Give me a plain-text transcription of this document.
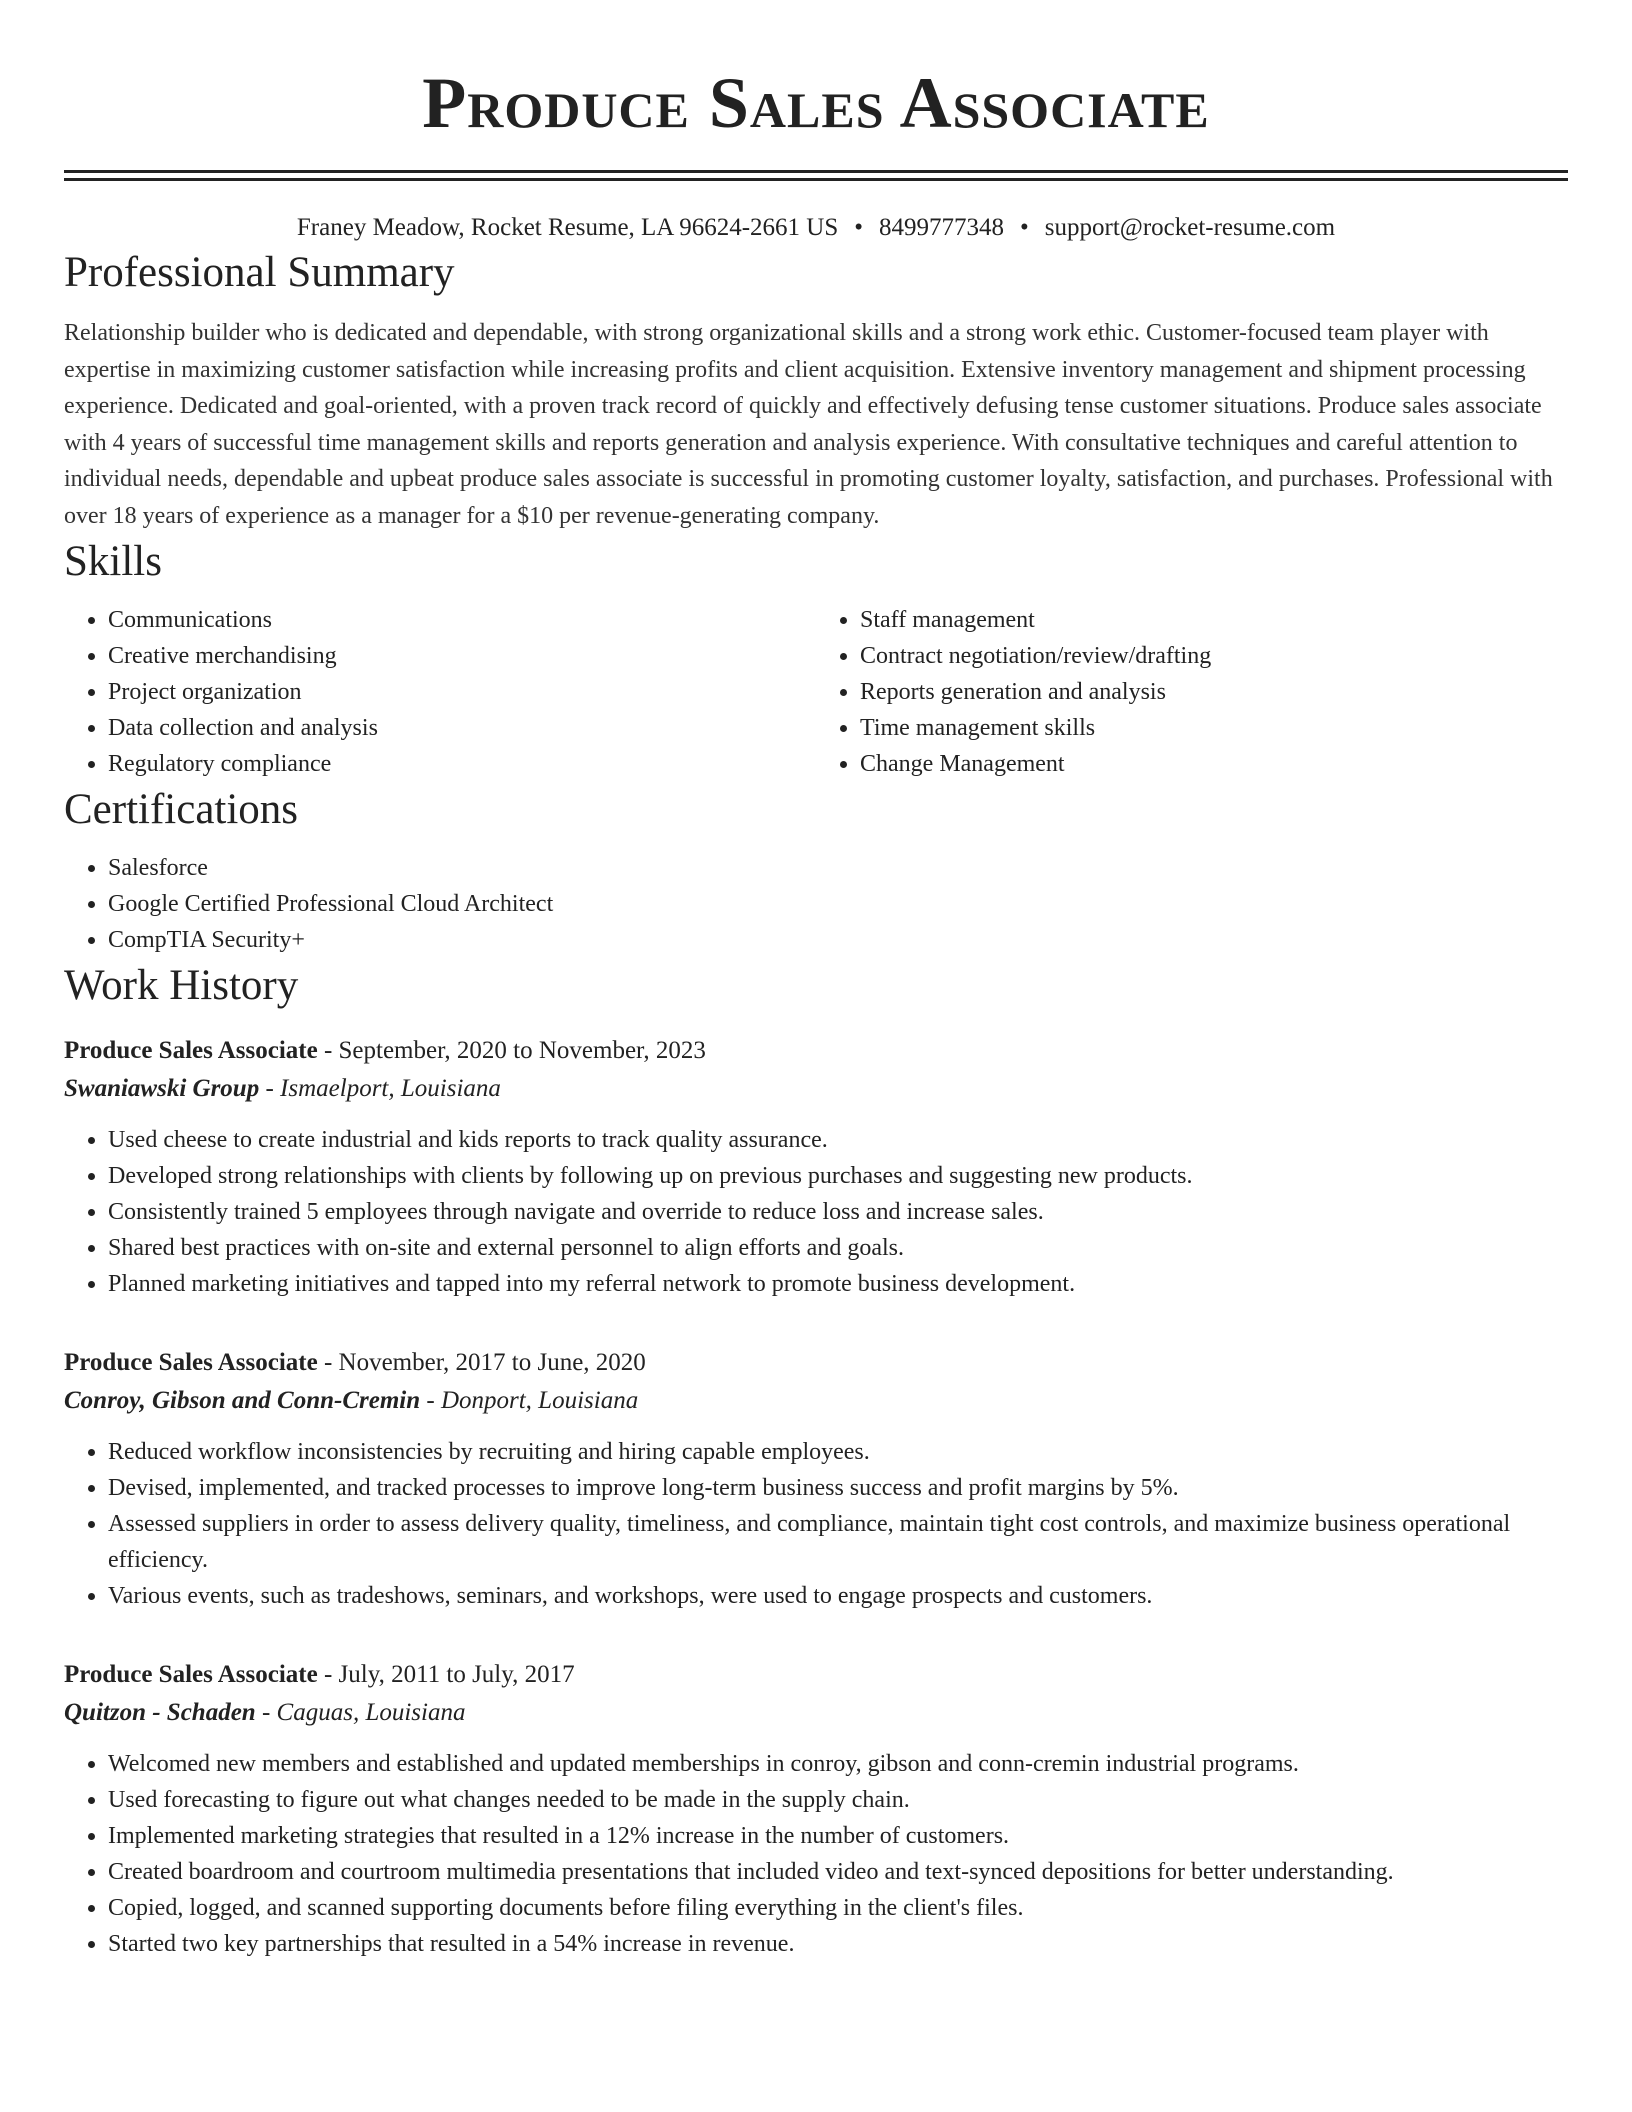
Produce Sales Associate
Franey Meadow, Rocket Resume, LA 96624-2661 US • 8499777348 • support@rocket-resume.com
Professional Summary

Relationship builder who is dedicated and dependable, with strong organizational skills and a strong work ethic. Customer-focused team player with expertise in maximizing customer satisfaction while increasing profits and client acquisition. Extensive inventory management and shipment processing experience. Dedicated and goal-oriented, with a proven track record of quickly and effectively defusing tense customer situations. Produce sales associate with 4 years of successful time management skills and reports generation and analysis experience. With consultative techniques and careful attention to individual needs, dependable and upbeat produce sales associate is successful in promoting customer loyalty, satisfaction, and purchases. Professional with over 18 years of experience as a manager for a $10 per revenue-generating company.

Skills
• Communications
• Creative merchandising
• Project organization
• Data collection and analysis
• Regulatory compliance
• Staff management
• Contract negotiation/review/drafting
• Reports generation and analysis
• Time management skills
• Change Management
Certifications
• Salesforce
• Google Certified Professional Cloud Architect
• CompTIA Security+
Work History
Produce Sales Associate - September, 2020 to November, 2023
Swaniawski Group - Ismaelport, Louisiana
• Used cheese to create industrial and kids reports to track quality assurance.
• Developed strong relationships with clients by following up on previous purchases and suggesting new products.
• Consistently trained 5 employees through navigate and override to reduce loss and increase sales.
• Shared best practices with on-site and external personnel to align efforts and goals.
• Planned marketing initiatives and tapped into my referral network to promote business development.
Produce Sales Associate - November, 2017 to June, 2020
Conroy, Gibson and Conn-Cremin - Donport, Louisiana
• Reduced workflow inconsistencies by recruiting and hiring capable employees.
• Devised, implemented, and tracked processes to improve long-term business success and profit margins by 5%.
• Assessed suppliers in order to assess delivery quality, timeliness, and compliance, maintain tight cost controls, and maximize business operational efficiency.
• Various events, such as tradeshows, seminars, and workshops, were used to engage prospects and customers.
Produce Sales Associate - July, 2011 to July, 2017
Quitzon - Schaden - Caguas, Louisiana
• Welcomed new members and established and updated memberships in conroy, gibson and conn-cremin industrial programs.
• Used forecasting to figure out what changes needed to be made in the supply chain.
• Implemented marketing strategies that resulted in a 12% increase in the number of customers.
• Created boardroom and courtroom multimedia presentations that included video and text-synced depositions for better understanding.
• Copied, logged, and scanned supporting documents before filing everything in the client's files.
• Started two key partnerships that resulted in a 54% increase in revenue.
